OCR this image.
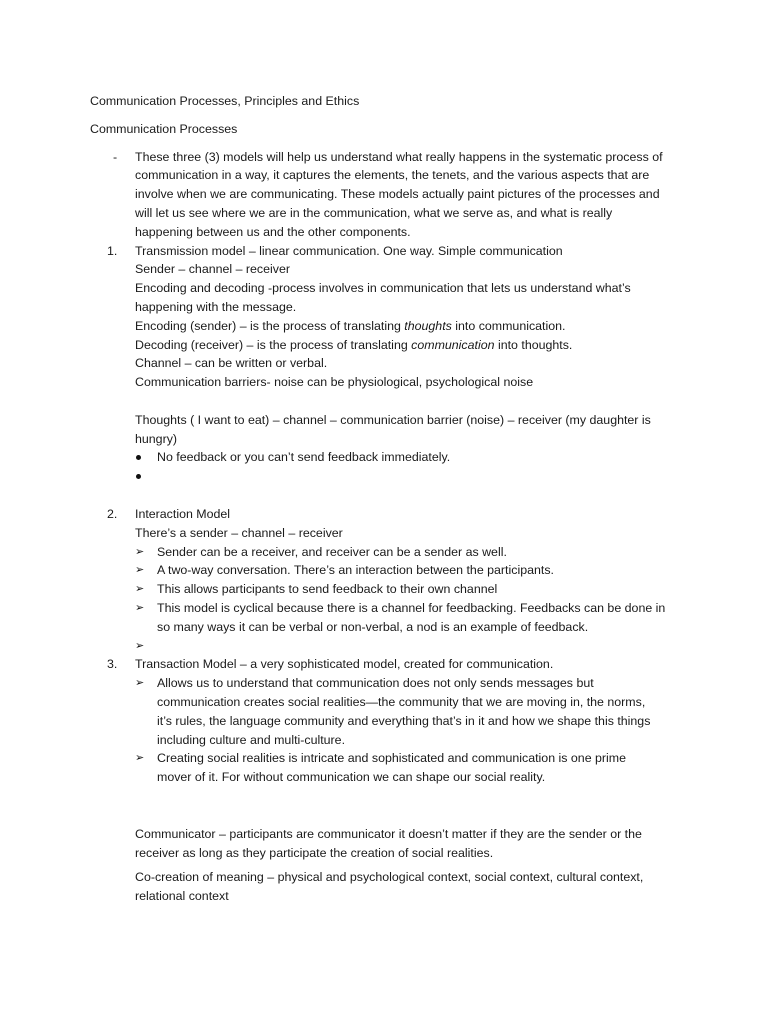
Communication Processes, Principles and Ethics

Communication Processes

- These three (3) models will help us understand what really happens in the systematic process of
communication in a way, it captures the elements, the tenets, and the various aspects that are
involve when we are communicating. These models actually paint pictures of the processes and
will let us see where we are in the communication, what we serve as, and what is really
happening between us and the other components.
1. Transmission model – linear communication. One way. Simple communication
Sender – channel – receiver
Encoding and decoding -process involves in communication that lets us understand what’s
happening with the message.
Encoding (sender) – is the process of translating thoughts into communication.
Decoding (receiver) – is the process of translating communication into thoughts.
Channel – can be written or verbal.
Communication barriers- noise can be physiological, psychological noise
Thoughts ( I want to eat) – channel – communication barrier (noise) – receiver (my daughter is
hungry)
No feedback or you can’t send feedback immediately.
2. Interaction Model
There’s a sender – channel – receiver
➢ Sender can be a receiver, and receiver can be a sender as well.
➢ A two-way conversation. There’s an interaction between the participants.
➢ This allows participants to send feedback to their own channel
➢ This model is cyclical because there is a channel for feedbacking. Feedbacks can be done in
so many ways it can be verbal or non-verbal, a nod is an example of feedback.
➢
3. Transaction Model – a very sophisticated model, created for communication.
➢ Allows us to understand that communication does not only sends messages but
communication creates social realities—the community that we are moving in, the norms,
it’s rules, the language community and everything that’s in it and how we shape this things
including culture and multi-culture.
➢ Creating social realities is intricate and sophisticated and communication is one prime
mover of it. For without communication we can shape our social reality.
Communicator – participants are communicator it doesn’t matter if they are the sender or the
receiver as long as they participate the creation of social realities.
Co-creation of meaning – physical and psychological context, social context, cultural context,
relational context
